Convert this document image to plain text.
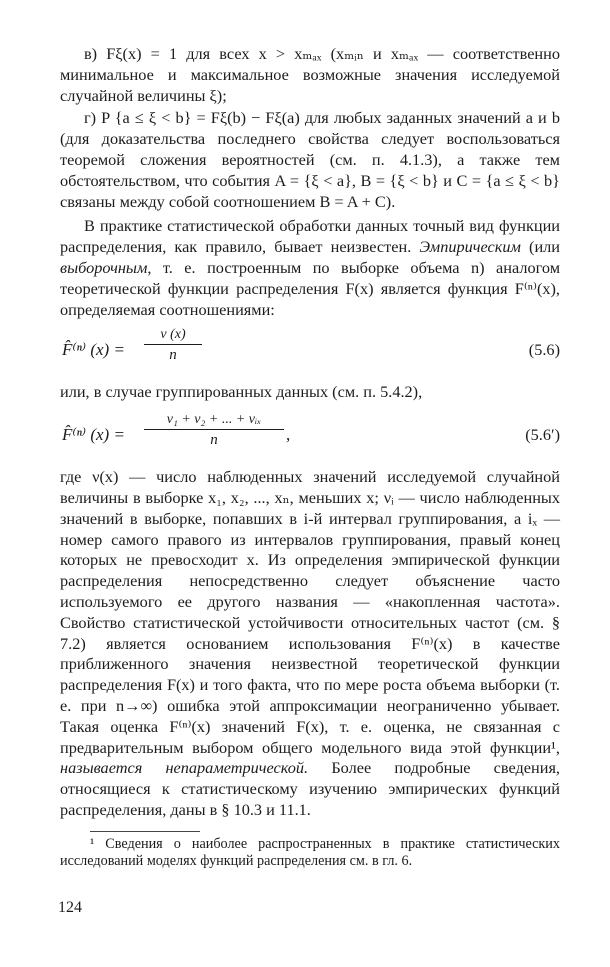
в) Fξ(x) = 1 для всех x > xₘₐₓ (xₘᵢₙ и xₘₐₓ — соответственно минимальное и максимальное возможные значения исследуемой случайной величины ξ);

г) P {a ≤ ξ < b} = Fξ(b) − Fξ(a) для любых заданных значений a и b (для доказательства последнего свойства следует воспользоваться теоремой сложения вероятностей (см. п. 4.1.3), а также тем обстоятельством, что события A = {ξ < a}, B = {ξ < b} и C = {a ≤ ξ < b} связаны между собой соотношением B = A + C).

В практике статистической обработки данных точный вид функции распределения, как правило, бывает неизвестен. Эмпирическим (или выборочным, т. е. построенным по выборке объема n) аналогом теоретической функции распределения F(x) является функция F⁽ⁿ⁾(x), определяемая соотношениями:

F̂⁽ⁿ⁾ (x) =
ν (x)
n	(5.6)

или, в случае группированных данных (см. п. 5.4.2),

F̂⁽ⁿ⁾ (x) =
ν₁ + ν₂ + ... + νᵢₓ
n	,	(5.6′)

где ν(x) — число наблюденных значений исследуемой случайной величины в выборке x₁, x₂, ..., xₙ, меньших x; νᵢ — число наблюденных значений в выборке, попавших в i-й интервал группирования, а iₓ — номер самого правого из интервалов группирования, правый конец которых не превосходит x. Из определения эмпирической функции распределения непосредственно следует объяснение часто используемого ее другого названия — «накопленная частота». Свойство статистической устойчивости относительных частот (см. § 7.2) является основанием использования F⁽ⁿ⁾(x) в качестве приближенного значения неизвестной теоретической функции распределения F(x) и того факта, что по мере роста объема выборки (т. е. при n→∞) ошибка этой аппроксимации неограниченно убывает. Такая оценка F⁽ⁿ⁾(x) значений F(x), т. е. оценка, не связанная с предварительным выбором общего модельного вида этой функции¹, называется непараметрической. Более подробные сведения, относящиеся к статистическому изучению эмпирических функций распределения, даны в § 10.3 и 11.1.

¹ Сведения о наиболее распространенных в практике статистических исследований моделях функций распределения см. в гл. 6.

124
